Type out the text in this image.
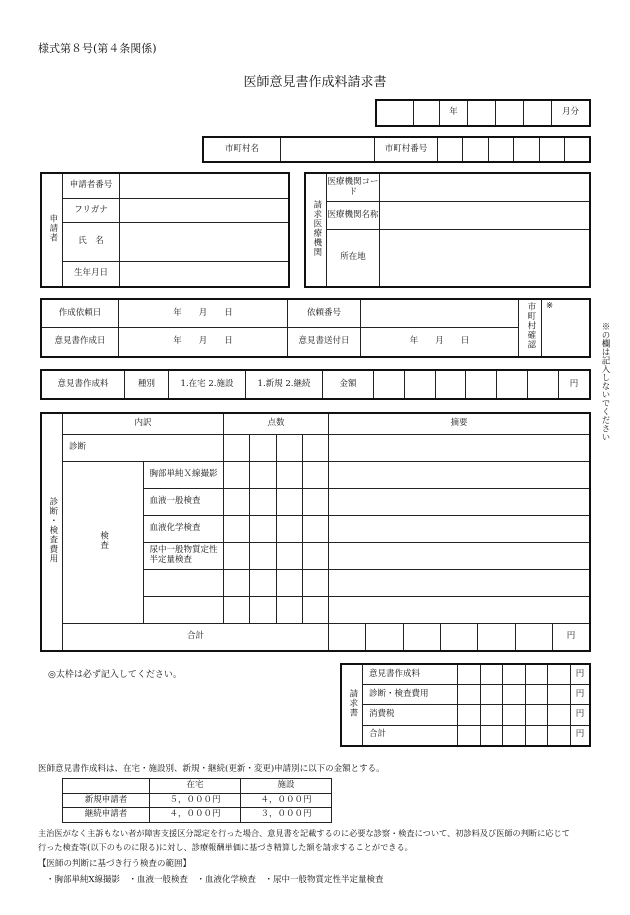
様式第８号(第４条関係)
医師意見書作成料請求書
		年				月分
市町村名		市町村番号						
申請者	申請者番号	
	フリガナ	
	氏　名	
	生年月日	
請求医療機関	医療機関コード	
	医療機関名称	
	所在地	
作成依頼日	年　　月　　日	依頼番号		市町村確認	※
意見書作成日	年　　月　　日	意見書送付日	年　　月　　日			※の欄は記入しないでください
意見書作成料	種別	1.在宅 2.施設	1.新規 2.継続	金額							円
診断・検査費用	内訳		点数				摘要						
	診断												
	検査	胸部単純Ｘ線撮影											
		血液一般検査											
		血液化学検査											
		尿中一般物質定性半定量検査											

	合計												円
◎太枠は必ず記入してください。
請求書	意見書作成料						円
	診断・検査費用						円
	消費税						円
	合計						円
医師意見書作成料は、在宅・施設別、新規・継続(更新・変更)申請別に以下の金額とする。
	在宅	施設
新規申請者	５，０００円	４，０００円
継続申請者	４，０００円	３，０００円
主治医がなく主訴もない者が障害支援区分認定を行った場合、意見書を記載するのに必要な診察・検査について、初診料及び医師の判断に応じて
行った検査等(以下のものに限る)に対し、診療報酬単価に基づき精算した額を請求することができる。
【医師の判断に基づき行う検査の範囲】
・胸部単純X線撮影　・血液一般検査　・血液化学検査　・尿中一般物質定性半定量検査
